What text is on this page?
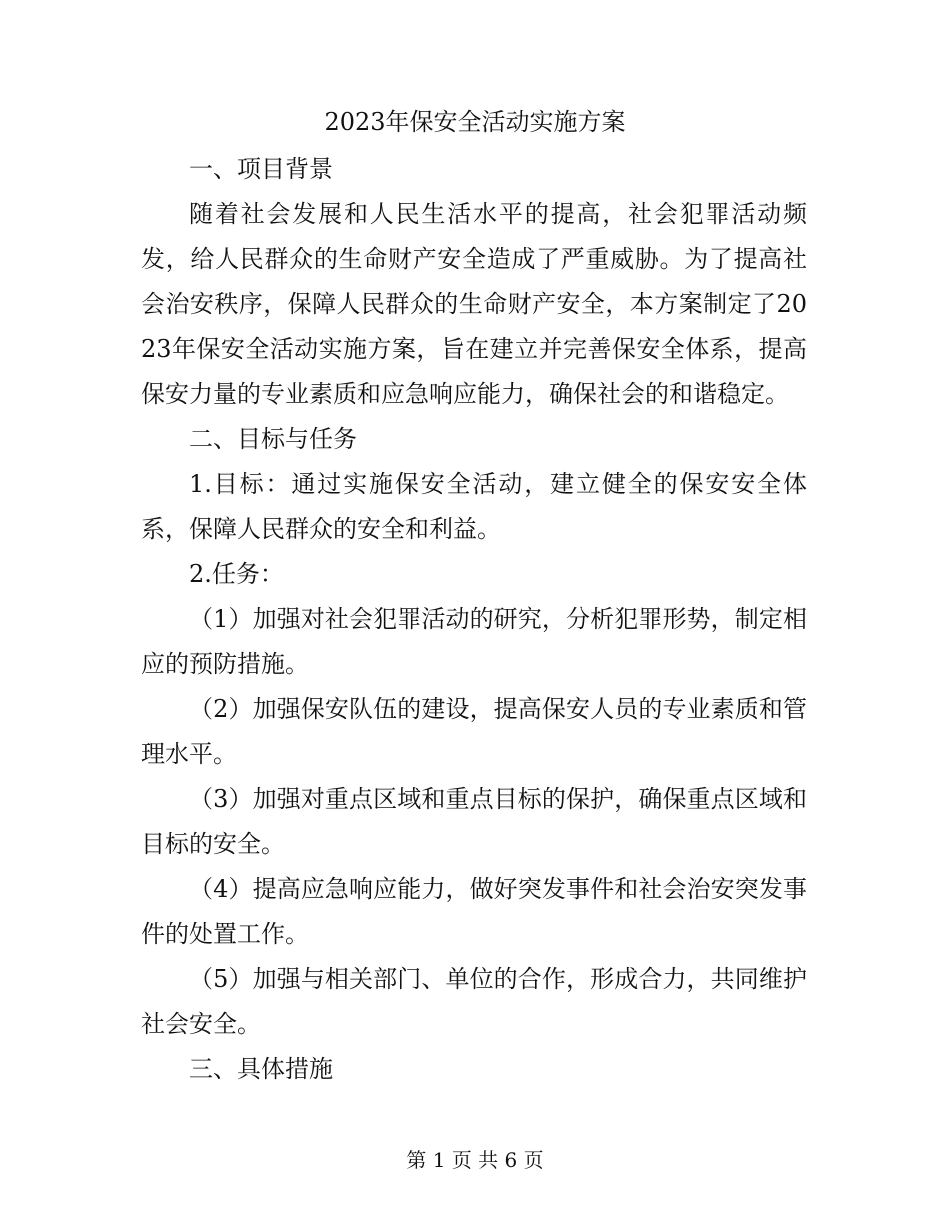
2023年保安全活动实施方案

一、项目背景

随着社会发展和人民生活水平的提高，社会犯罪活动频发，给人民群众的生命财产安全造成了严重威胁。为了提高社会治安秩序，保障人民群众的生命财产安全，本方案制定了2023年保安全活动实施方案，旨在建立并完善保安全体系，提高保安力量的专业素质和应急响应能力，确保社会的和谐稳定。

二、目标与任务

1.目标：通过实施保安全活动，建立健全的保安安全体系，保障人民群众的安全和利益。

2.任务：

（1）加强对社会犯罪活动的研究，分析犯罪形势，制定相应的预防措施。

（2）加强保安队伍的建设，提高保安人员的专业素质和管理水平。

（3）加强对重点区域和重点目标的保护，确保重点区域和目标的安全。

（4）提高应急响应能力，做好突发事件和社会治安突发事件的处置工作。

（5）加强与相关部门、单位的合作，形成合力，共同维护社会安全。

三、具体措施

第 1 页 共 6 页
